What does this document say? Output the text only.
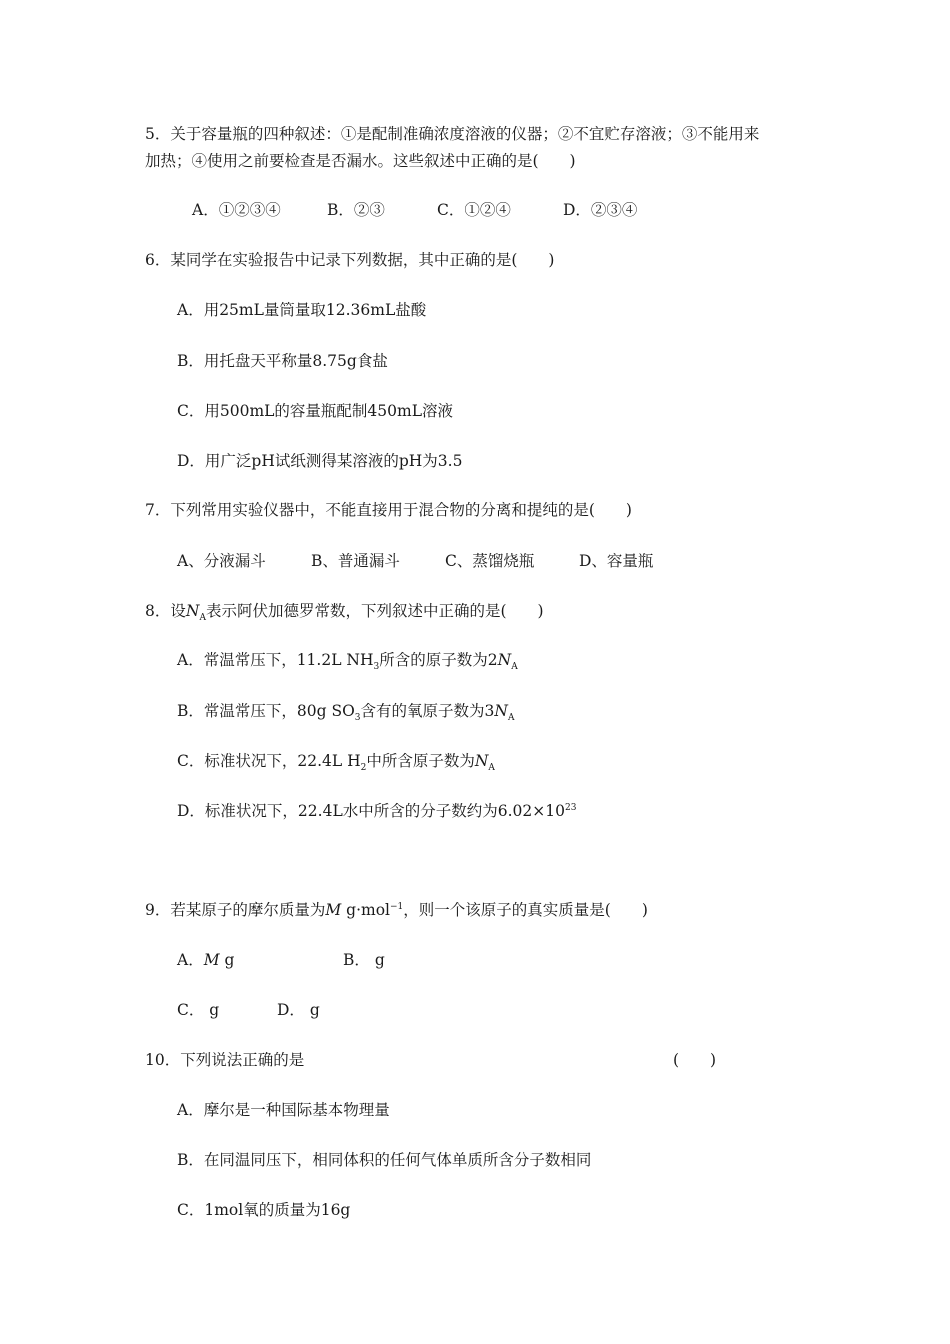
5．关于容量瓶的四种叙述：①是配制准确浓度溶液的仪器；②不宜贮存溶液；③不能用来
加热；④使用之前要检查是否漏水。这些叙述中正确的是(　　)
A．①②③④	B．②③	C．①②④	D．②③④
6．某同学在实验报告中记录下列数据，其中正确的是(　　)
A．用25mL量筒量取12.36mL盐酸
B．用托盘天平称量8.75g食盐
C．用500mL的容量瓶配制450mL溶液
D．用广泛pH试纸测得某溶液的pH为3.5
7．下列常用实验仪器中，不能直接用于混合物的分离和提纯的是(　　)
A、分液漏斗	B、普通漏斗	C、蒸馏烧瓶	D、容量瓶
8．设$N_A$表示阿伏加德罗常数，下列叙述中正确的是(　　)
A．常温常压下，11.2L $NH_3$所含的原子数为$2N_A$
B．常温常压下，80g $SO_3$含有的氧原子数为$3N_A$
C．标准状况下，22.4L $H_2$中所含原子数为$N_A$
D．标准状况下，22.4L水中所含的分子数约为$6.02\times 10^{23}$
9．若某原子的摩尔质量为M g·mol$^{-1}$，则一个该原子的真实质量是(　　)
A．M g	B． g
C． g	D． g
10．下列说法正确的是	(　　)
A．摩尔是一种国际基本物理量
B．在同温同压下，相同体积的任何气体单质所含分子数相同
C．1mol氧的质量为16g
